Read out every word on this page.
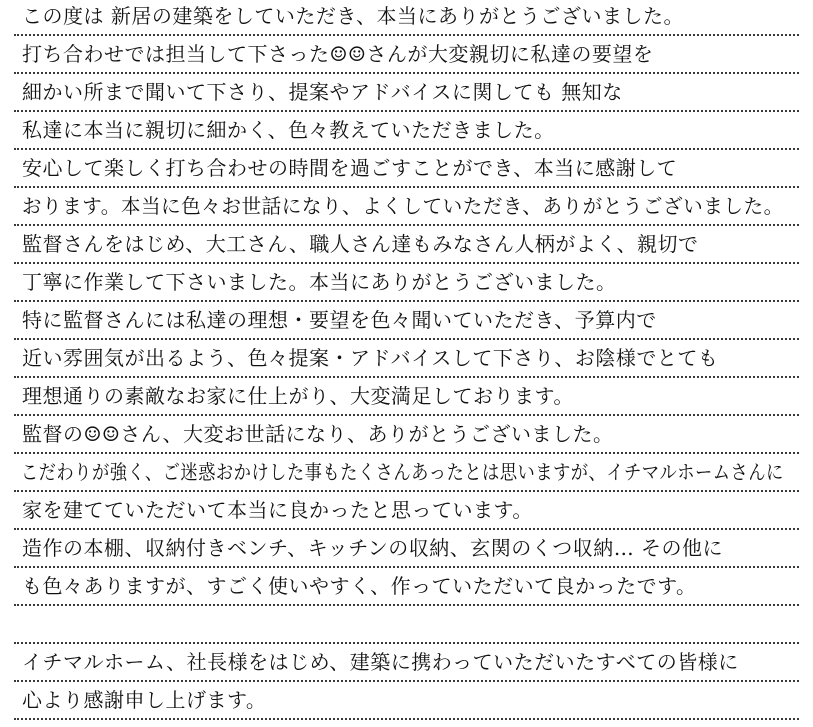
この度は 新居の建築をしていただき、本当にありがとうございました。
打ち合わせでは担当して下さった☺☺さんが大変親切に私達の要望を
細かい所まで聞いて下さり、提案やアドバイスに関しても 無知な
私達に本当に親切に細かく、色々教えていただきました。
安心して楽しく打ち合わせの時間を過ごすことができ、本当に感謝して
おります。本当に色々お世話になり、よくしていただき、ありがとうございました。
監督さんをはじめ、大工さん、職人さん達もみなさん人柄がよく、親切で
丁寧に作業して下さいました。本当にありがとうございました。
特に監督さんには私達の理想・要望を色々聞いていただき、予算内で
近い雰囲気が出るよう、色々提案・アドバイスして下さり、お陰様でとても
理想通りの素敵なお家に仕上がり、大変満足しております。
監督の☺☺さん、大変お世話になり、ありがとうございました。
こだわりが強く、ご迷惑おかけした事もたくさんあったとは思いますが、イチマルホームさんに
家を建てていただいて本当に良かったと思っています。
造作の本棚、収納付きベンチ、キッチンの収納、玄関のくつ収納… その他に
も色々ありますが、すごく使いやすく、作っていただいて良かったです。
イチマルホーム、社長様をはじめ、建築に携わっていただいたすべての皆様に
心より感謝申し上げます。
